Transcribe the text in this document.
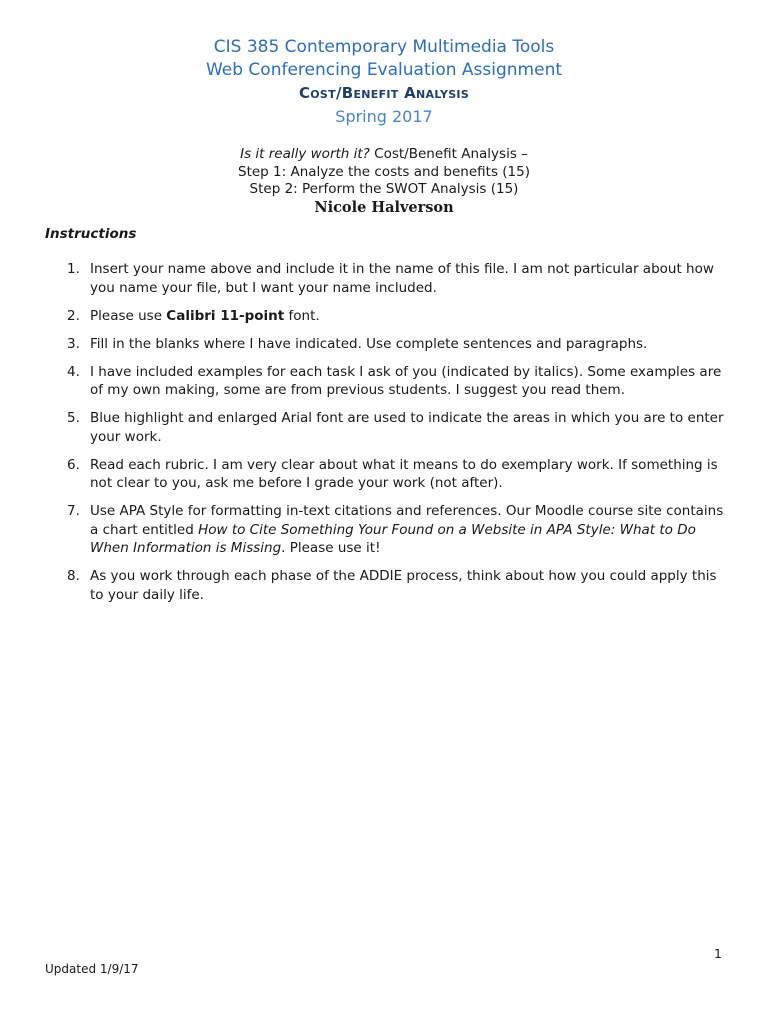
CIS 385 Contemporary Multimedia Tools

Web Conferencing Evaluation Assignment

Cost/Benefit Analysis

Spring 2017

Is it really worth it? Cost/Benefit Analysis –

Step 1: Analyze the costs and benefits (15)

Step 2: Perform the SWOT Analysis (15)

Nicole Halverson

Instructions

1. Insert your name above and include it in the name of this file. I am not particular about how you name your file, but I want your name included.
2. Please use Calibri 11-point font.
3. Fill in the blanks where I have indicated. Use complete sentences and paragraphs.
4. I have included examples for each task I ask of you (indicated by italics). Some examples are of my own making, some are from previous students. I suggest you read them.
5. Blue highlight and enlarged Arial font are used to indicate the areas in which you are to enter your work.
6. Read each rubric. I am very clear about what it means to do exemplary work. If something is not clear to you, ask me before I grade your work (not after).
7. Use APA Style for formatting in-text citations and references. Our Moodle course site contains a chart entitled How to Cite Something Your Found on a Website in APA Style: What to Do When Information is Missing. Please use it!
8. As you work through each phase of the ADDIE process, think about how you could apply this to your daily life.
1
Updated 1/9/17
